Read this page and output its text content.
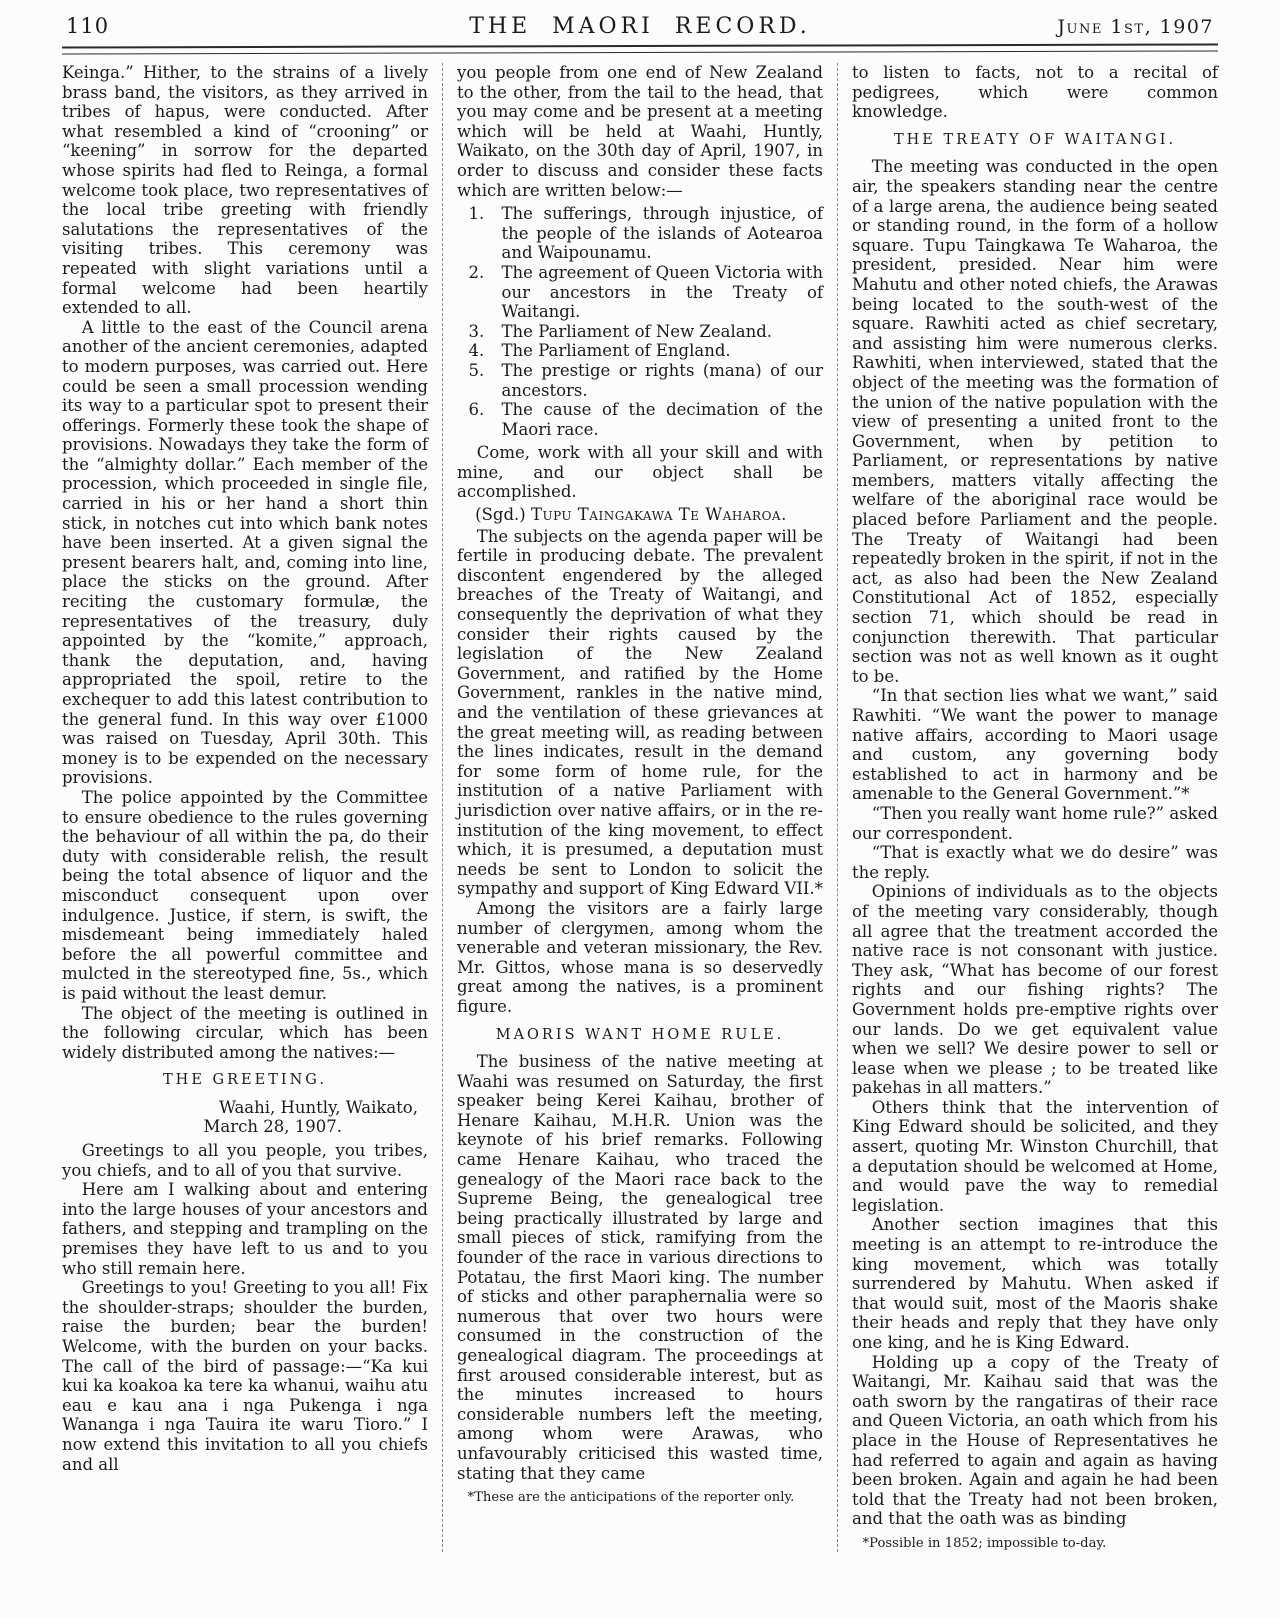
110	THE MAORI RECORD.	June 1st, 1907

Keinga.” Hither, to the strains of a lively brass band, the visitors, as they arrived in tribes of hapus, were conducted. After what resembled a kind of “crooning” or “keening” in sorrow for the departed whose spirits had fled to Reinga, a formal welcome took place, two representatives of the local tribe greeting with friendly salutations the representatives of the visiting tribes. This ceremony was repeated with slight variations until a formal welcome had been heartily extended to all.

A little to the east of the Council arena another of the ancient ceremonies, adapted to modern purposes, was carried out. Here could be seen a small procession wending its way to a particular spot to present their offerings. Formerly these took the shape of provisions. Nowadays they take the form of the “almighty dollar.” Each member of the procession, which proceeded in single file, carried in his or her hand a short thin stick, in notches cut into which bank notes have been inserted. At a given signal the present bearers halt, and, coming into line, place the sticks on the ground. After reciting the customary formulæ, the representatives of the treasury, duly appointed by the “komite,” approach, thank the deputation, and, having appropriated the spoil, retire to the exchequer to add this latest contribution to the general fund. In this way over £1000 was raised on Tuesday, April 30th. This money is to be expended on the necessary provisions.

The police appointed by the Committee to ensure obedience to the rules governing the behaviour of all within the pa, do their duty with considerable relish, the result being the total absence of liquor and the misconduct consequent upon over indulgence. Justice, if stern, is swift, the misdemeant being immediately haled before the all powerful committee and mulcted in the stereotyped fine, 5s., which is paid without the least demur.

The object of the meeting is outlined in the following circular, which has been widely distributed among the natives:—

THE GREETING.

Waahi, Huntly, Waikato,

March 28, 1907.

Greetings to all you people, you tribes, you chiefs, and to all of you that survive.

Here am I walking about and entering into the large houses of your ancestors and fathers, and stepping and trampling on the premises they have left to us and to you who still remain here.

Greetings to you! Greeting to you all! Fix the shoulder-straps; shoulder the burden, raise the burden; bear the burden! Welcome, with the burden on your backs. The call of the bird of passage:—“Ka kui kui ka koakoa ka tere ka whanui, waihu atu eau e kau ana i nga Pukenga i nga Wananga i nga Tauira ite waru Tioro.” I now extend this invitation to all you chiefs and all

you people from one end of New Zealand to the other, from the tail to the head, that you may come and be present at a meeting which will be held at Waahi, Huntly, Waikato, on the 30th day of April, 1907, in order to discuss and consider these facts which are written below:—

1. The sufferings, through injustice, of the people of the islands of Aotearoa and Waipounamu.

2. The agreement of Queen Victoria with our ancestors in the Treaty of Waitangi.

3. The Parliament of New Zealand.

4. The Parliament of England.

5. The prestige or rights (mana) of our ancestors.

6. The cause of the decimation of the Maori race.

Come, work with all your skill and with mine, and our object shall be accomplished.

(Sgd.) Tupu Taingakawa Te Waharoa.

The subjects on the agenda paper will be fertile in producing debate. The prevalent discontent engendered by the alleged breaches of the Treaty of Waitangi, and consequently the deprivation of what they consider their rights caused by the legislation of the New Zealand Government, and ratified by the Home Government, rankles in the native mind, and the ventilation of these grievances at the great meeting will, as reading between the lines indicates, result in the demand for some form of home rule, for the institution of a native Parliament with jurisdiction over native affairs, or in the re-institution of the king movement, to effect which, it is presumed, a deputation must needs be sent to London to solicit the sympathy and support of King Edward VII.*

Among the visitors are a fairly large number of clergymen, among whom the venerable and veteran missionary, the Rev. Mr. Gittos, whose mana is so deservedly great among the natives, is a prominent figure.

MAORIS WANT HOME RULE.

The business of the native meeting at Waahi was resumed on Saturday, the first speaker being Kerei Kaihau, brother of Henare Kaihau, M.H.R. Union was the keynote of his brief remarks. Following came Henare Kaihau, who traced the genealogy of the Maori race back to the Supreme Being, the genealogical tree being practically illustrated by large and small pieces of stick, ramifying from the founder of the race in various directions to Potatau, the first Maori king. The number of sticks and other paraphernalia were so numerous that over two hours were consumed in the construction of the genealogical diagram. The proceedings at first aroused considerable interest, but as the minutes increased to hours considerable numbers left the meeting, among whom were Arawas, who unfavourably criticised this wasted time, stating that they came

*These are the anticipations of the reporter only.

to listen to facts, not to a recital of pedigrees, which were common knowledge.

THE TREATY OF WAITANGI.

The meeting was conducted in the open air, the speakers standing near the centre of a large arena, the audience being seated or standing round, in the form of a hollow square. Tupu Taingkawa Te Waharoa, the president, presided. Near him were Mahutu and other noted chiefs, the Arawas being located to the south-west of the square. Rawhiti acted as chief secretary, and assisting him were numerous clerks. Rawhiti, when interviewed, stated that the object of the meeting was the formation of the union of the native population with the view of presenting a united front to the Government, when by petition to Parliament, or representations by native members, matters vitally affecting the welfare of the aboriginal race would be placed before Parliament and the people. The Treaty of Waitangi had been repeatedly broken in the spirit, if not in the act, as also had been the New Zealand Constitutional Act of 1852, especially section 71, which should be read in conjunction therewith. That particular section was not as well known as it ought to be.

“In that section lies what we want,” said Rawhiti. “We want the power to manage native affairs, according to Maori usage and custom, any governing body established to act in harmony and be amenable to the General Government.”*

“Then you really want home rule?” asked our correspondent.

“That is exactly what we do desire” was the reply.

Opinions of individuals as to the objects of the meeting vary considerably, though all agree that the treatment accorded the native race is not consonant with justice. They ask, “What has become of our forest rights and our fishing rights? The Government holds pre-emptive rights over our lands. Do we get equivalent value when we sell? We desire power to sell or lease when we please ; to be treated like pakehas in all matters.”

Others think that the intervention of King Edward should be solicited, and they assert, quoting Mr. Winston Churchill, that a deputation should be welcomed at Home, and would pave the way to remedial legislation.

Another section imagines that this meeting is an attempt to re-introduce the king movement, which was totally surrendered by Mahutu. When asked if that would suit, most of the Maoris shake their heads and reply that they have only one king, and he is King Edward.

Holding up a copy of the Treaty of Waitangi, Mr. Kaihau said that was the oath sworn by the rangatiras of their race and Queen Victoria, an oath which from his place in the House of Representatives he had referred to again and again as having been broken. Again and again he had been told that the Treaty had not been broken, and that the oath was as binding

*Possible in 1852; impossible to-day.
